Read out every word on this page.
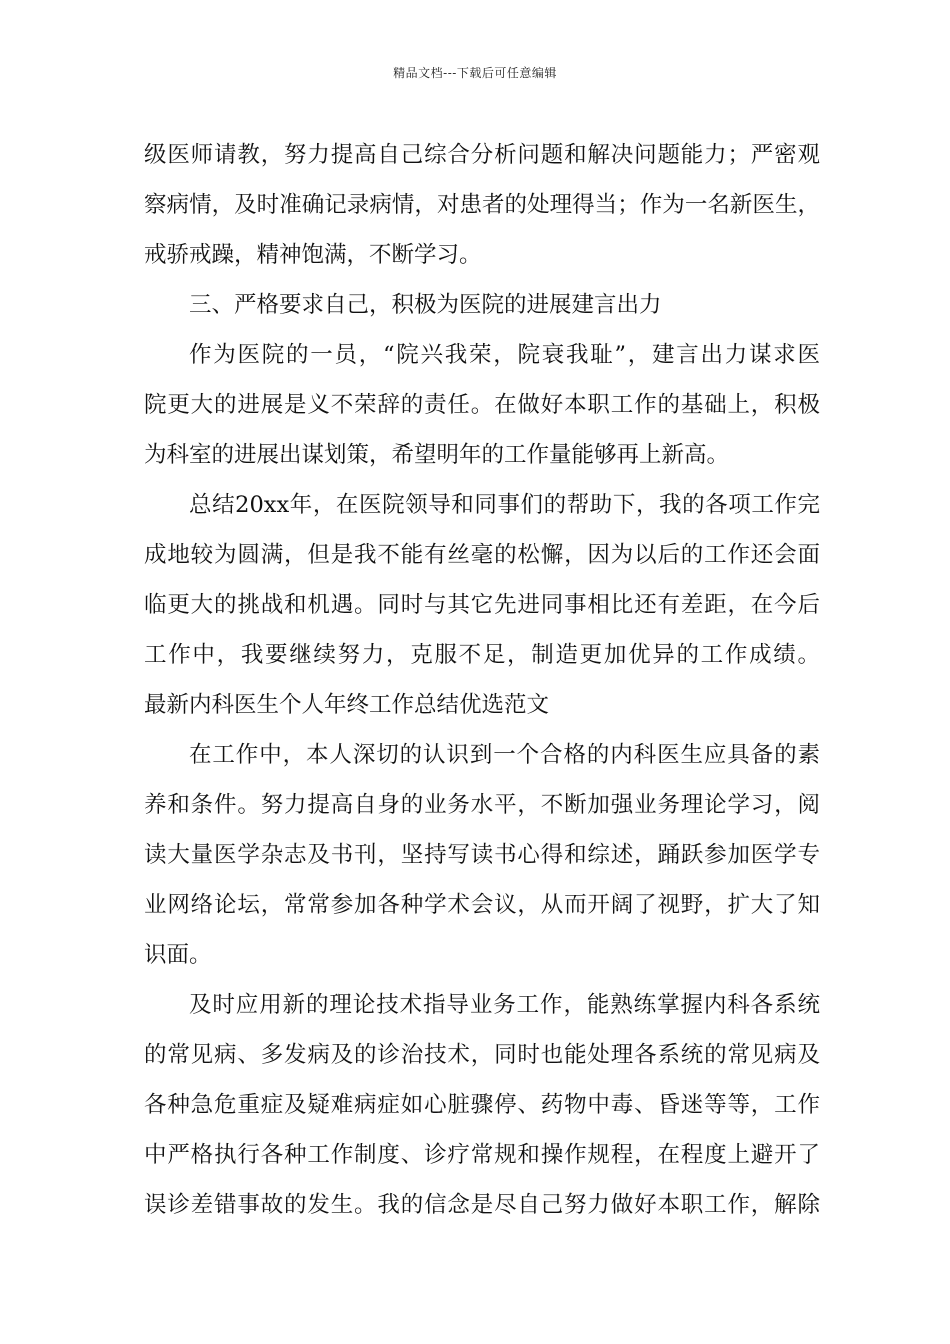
精品文档---下载后可任意编辑
级医师请教，努力提高自己综合分析问题和解决问题能力；严密观
察病情，及时准确记录病情，对患者的处理得当；作为一名新医生，
戒骄戒躁，精神饱满，不断学习。
三、严格要求自己，积极为医院的进展建言出力
作为医院的一员，“院兴我荣，院衰我耻”，建言出力谋求医
院更大的进展是义不荣辞的责任。在做好本职工作的基础上，积极
为科室的进展出谋划策，希望明年的工作量能够再上新高。
总结20xx年，在医院领导和同事们的帮助下，我的各项工作完
成地较为圆满，但是我不能有丝毫的松懈，因为以后的工作还会面
临更大的挑战和机遇。同时与其它先进同事相比还有差距，在今后
工作中，我要继续努力，克服不足，制造更加优异的工作成绩。
最新内科医生个人年终工作总结优选范文
在工作中，本人深切的认识到一个合格的内科医生应具备的素
养和条件。努力提高自身的业务水平，不断加强业务理论学习，阅
读大量医学杂志及书刊，坚持写读书心得和综述，踊跃参加医学专
业网络论坛，常常参加各种学术会议，从而开阔了视野，扩大了知
识面。
及时应用新的理论技术指导业务工作，能熟练掌握内科各系统
的常见病、多发病及的诊治技术，同时也能处理各系统的常见病及
各种急危重症及疑难病症如心脏骤停、药物中毒、昏迷等等，工作
中严格执行各种工作制度、诊疗常规和操作规程，在程度上避开了
误诊差错事故的发生。我的信念是尽自己努力做好本职工作，解除
